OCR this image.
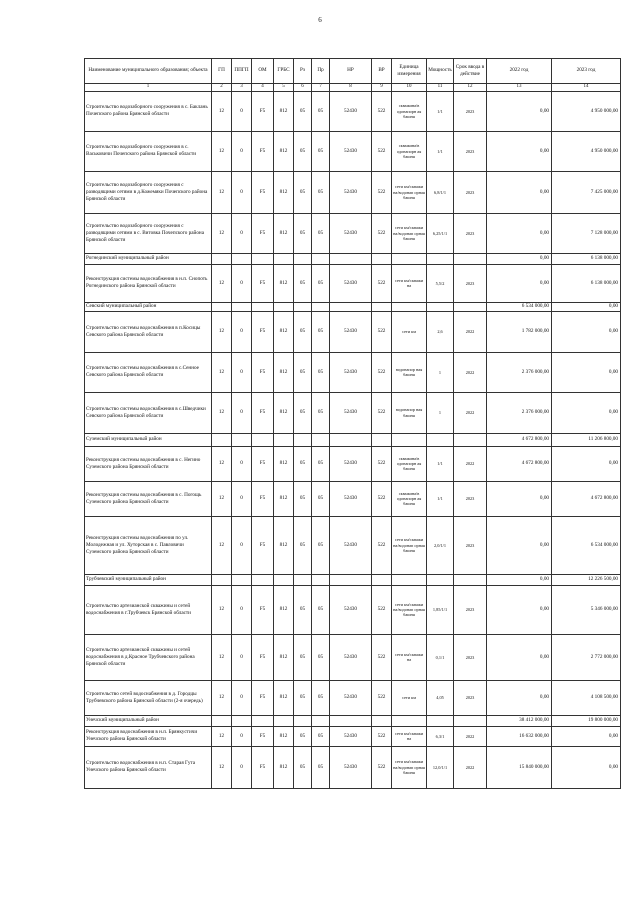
6
Наименование муниципального образования; объекта	ГП	ППГП	ОМ	ГРБС	Рз	Пр	НР	ВР	Единица измерения	Мощность	Срок ввода в действие	2022 год	2023 год
1	2	3	4	5	6	7	8	9	10	11	12	13	14
Строительство водозаборного сооружения в с. Баклань Почепского района Брянской области	12	0	F5	812	05	05	52430	522	скважина/в одонапорн ая башня	1/1	2023	0,00	4 950 000,00
Строительство водозаборного сооружения в с. Васьковичи Почепского района Брянской области	12	0	F5	812	05	05	52430	522	скважина/в одонапорн ая башня	1/1	2023	0,00	4 950 000,00
Строительство водозаборного сооружения с разводящими сетями в д.Кожемяки Почепского района Брянской области	12	0	F5	812	05	05	52430	522	сети км/скважи на/водонап орная башня	6,8/1/1	2023	0,00	7 425 000,00
Строительство водозаборного сооружения с разводящими сетями в с. Витовка Почепского района Брянской области	12	0	F5	812	05	05	52430	522	сети км/скважи на/водонап орная башня	6,25/1/1	2023	0,00	7 128 000,00
Рогнединский муниципальный район												0,00	6 138 000,00
Реконструкция системы водоснабжения в н.п. Снопоть Рогнединского района Брянской области	12	0	F5	812	05	05	52430	522	сети км/скважи на	5,5/2	2023	0,00	6 138 000,00
Севский муниципальный район												6 534 000,00	0,00
Строительство системы водоснабжения в п.Косицы Севского района Брянской области	12	0	F5	812	05	05	52430	522	сети км	2,6	2022	1 782 000,00	0,00
Строительство системы водоснабжения в с.Сенное Севского района Брянской области	12	0	F5	812	05	05	52430	522	водонапор ная башня	1	2022	2 376 000,00	0,00
Строительство системы водоснабжения в с.Шведчики Севского района Брянской области	12	0	F5	812	05	05	52430	522	водонапор ная башня	1	2022	2 376 000,00	0,00
Суземский муниципальный район												4 672 800,00	11 206 800,00
Реконструкция системы водоснабжения в с. Негино Суземского района Брянской области	12	0	F5	812	05	05	52430	522	скважина/в одонапорн ая башня	1/1	2022	4 672 800,00	0,00
Реконструкция системы водоснабжения в с. Погощь Суземского района Брянской области	12	0	F5	812	05	05	52430	522	скважина/в одонапорн ая башня	1/1	2023	0,00	4 672 800,00
Реконструкция системы водоснабжения по ул. Молодежная и ул. Хуторская в с. Павловичи Суземского района Брянской области	12	0	F5	812	05	05	52430	522	сети км/скважи на/водонап орная башня	2,0/1/1	2023	0,00	6 534 000,00
Трубчевский муниципальный район												0,00	12 226 500,00
Строительство артезианской скважины и сетей водоснабжения в г.Трубчевск Брянской области	12	0	F5	812	05	05	52430	522	сети км/скважи на/водонап орная башня	1,85/1/1	2023	0,00	5 346 000,00
Строительство артезианской скважины и сетей водоснабжения в д.Красное Трубчевского района Брянской области	12	0	F5	812	05	05	52430	522	сети км/скважи на	0,1/1	2023	0,00	2 772 000,00
Строительство сетей водоснабжения в д. Городцы Трубчевского района Брянской области (2-я очередь)	12	0	F5	812	05	05	52430	522	сети км	4,05	2023	0,00	4 108 500,00
Унечский муниципальный район												38 412 000,00	19 800 000,00
Реконструкция водоснабжения в н.п. Брянкустичи Унечского района Брянской области	12	0	F5	812	05	05	52430	522	сети км/скважи на	6,3/1	2022	16 632 000,00	0,00
Строительство водоснабжения в н.п. Старая Гута Унечского района Брянской области	12	0	F5	812	05	05	52430	522	сети км/скважи на/водонап орная башня	12,0/1/1	2022	15 840 000,00	0,00
